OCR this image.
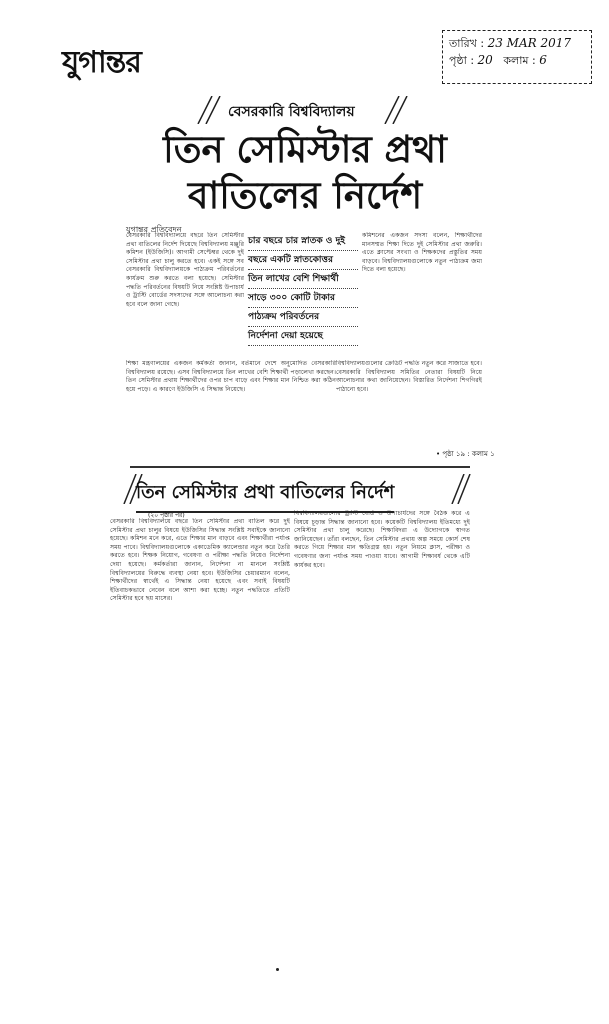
যুগান্তর
তারিখ : 23 MAR 2017
পৃষ্ঠা : 20 কলাম : 6
বেসরকারি বিশ্ববিদ্যালয়
তিন সেমিস্টার প্রথা
বাতিলের নির্দেশ
যুগান্তর প্রতিবেদন
বেসরকারি বিশ্ববিদ্যালয়ে বছরে তিন সেমিস্টার প্রথা বাতিলের নির্দেশ দিয়েছে বিশ্ববিদ্যালয় মঞ্জুরি কমিশন (ইউজিসি)। আগামী সেপ্টেম্বর থেকে দুই সেমিস্টার প্রথা চালু করতে হবে। একই সঙ্গে সব বেসরকারি বিশ্ববিদ্যালয়কে পাঠ্যক্রম পরিবর্তনের কার্যক্রম শুরু করতে বলা হয়েছে। সেমিস্টার পদ্ধতি পরিবর্তনের বিষয়টি নিয়ে সংশ্লিষ্ট উপাচার্য ও ট্রাস্টি বোর্ডের সদস্যদের সঙ্গে আলোচনা করা হবে বলে জানা গেছে।
শিক্ষা মন্ত্রণালয়ের একজন কর্মকর্তা জানান, বর্তমানে দেশে অনুমোদিত বেসরকারি বিশ্ববিদ্যালয় রয়েছে। এসব বিশ্ববিদ্যালয়ে তিন লাখের বেশি শিক্ষার্থী পড়ালেখা করছেন। তিন সেমিস্টার প্রথায় শিক্ষার্থীদের ওপর চাপ বাড়ে এবং শিক্ষার মান নিশ্চিত করা কঠিন হয়ে পড়ে। এ কারণে ইউজিসি এ সিদ্ধান্ত নিয়েছে।
চার বছরে চার স্নাতক ও দুই
বছরে একটি স্নাতকোত্তর
তিন লাখের বেশি শিক্ষার্থী
সাড়ে ৩০০ কোটি টাকার
পাঠ্যক্রম পরিবর্তনের
নির্দেশনা দেয়া হয়েছে
কমিশনের একজন সদস্য বলেন, শিক্ষার্থীদের মানসম্মত শিক্ষা দিতে দুই সেমিস্টার প্রথা জরুরি। এতে ক্লাসের সংখ্যা ও শিক্ষকদের প্রস্তুতির সময় বাড়বে। বিশ্ববিদ্যালয়গুলোকে নতুন পাঠ্যক্রম জমা দিতে বলা হয়েছে।
বিশ্ববিদ্যালয়গুলোর ক্রেডিট পদ্ধতি নতুন করে সাজাতে হবে। বেসরকারি বিশ্ববিদ্যালয় সমিতির নেতারা বিষয়টি নিয়ে আলোচনার কথা জানিয়েছেন। বিস্তারিত নির্দেশনা শিগগিরই পাঠানো হবে।
• পৃষ্ঠা ১৯ : কলাম ১
তিন সেমিস্টার প্রথা বাতিলের নির্দেশ
(২০ পৃষ্ঠার পর)
বেসরকারি বিশ্ববিদ্যালয়ে বছরে তিন সেমিস্টার প্রথা বাতিল করে দুই সেমিস্টার প্রথা চালুর বিষয়ে ইউজিসির সিদ্ধান্ত সংশ্লিষ্ট সবাইকে জানানো হয়েছে। কমিশন মনে করে, এতে শিক্ষার মান বাড়বে এবং শিক্ষার্থীরা পর্যাপ্ত সময় পাবে। বিশ্ববিদ্যালয়গুলোকে একাডেমিক ক্যালেন্ডার নতুন করে তৈরি করতে হবে। শিক্ষক নিয়োগ, গবেষণা ও পরীক্ষা পদ্ধতি নিয়েও নির্দেশনা দেয়া হয়েছে। কর্মকর্তারা জানান, নির্দেশনা না মানলে সংশ্লিষ্ট বিশ্ববিদ্যালয়ের বিরুদ্ধে ব্যবস্থা নেয়া হবে। ইউজিসির চেয়ারম্যান বলেন, শিক্ষার্থীদের স্বার্থেই এ সিদ্ধান্ত নেয়া হয়েছে এবং সবাই বিষয়টি ইতিবাচকভাবে নেবেন বলে আশা করা হচ্ছে। নতুন পদ্ধতিতে প্রতিটি সেমিস্টার হবে ছয় মাসের।
বিশ্ববিদ্যালয়গুলোর ট্রাস্টি বোর্ড ও উপাচার্যদের সঙ্গে বৈঠক করে এ বিষয়ে চূড়ান্ত সিদ্ধান্ত জানানো হবে। কয়েকটি বিশ্ববিদ্যালয় ইতিমধ্যে দুই সেমিস্টার প্রথা চালু করেছে। শিক্ষাবিদরা এ উদ্যোগকে স্বাগত জানিয়েছেন। তাঁরা বলছেন, তিন সেমিস্টার প্রথায় অল্প সময়ে কোর্স শেষ করতে গিয়ে শিক্ষার মান ক্ষতিগ্রস্ত হয়। নতুন নিয়মে ক্লাস, পরীক্ষা ও গবেষণার জন্য পর্যাপ্ত সময় পাওয়া যাবে। আগামী শিক্ষাবর্ষ থেকে এটি কার্যকর হবে।
